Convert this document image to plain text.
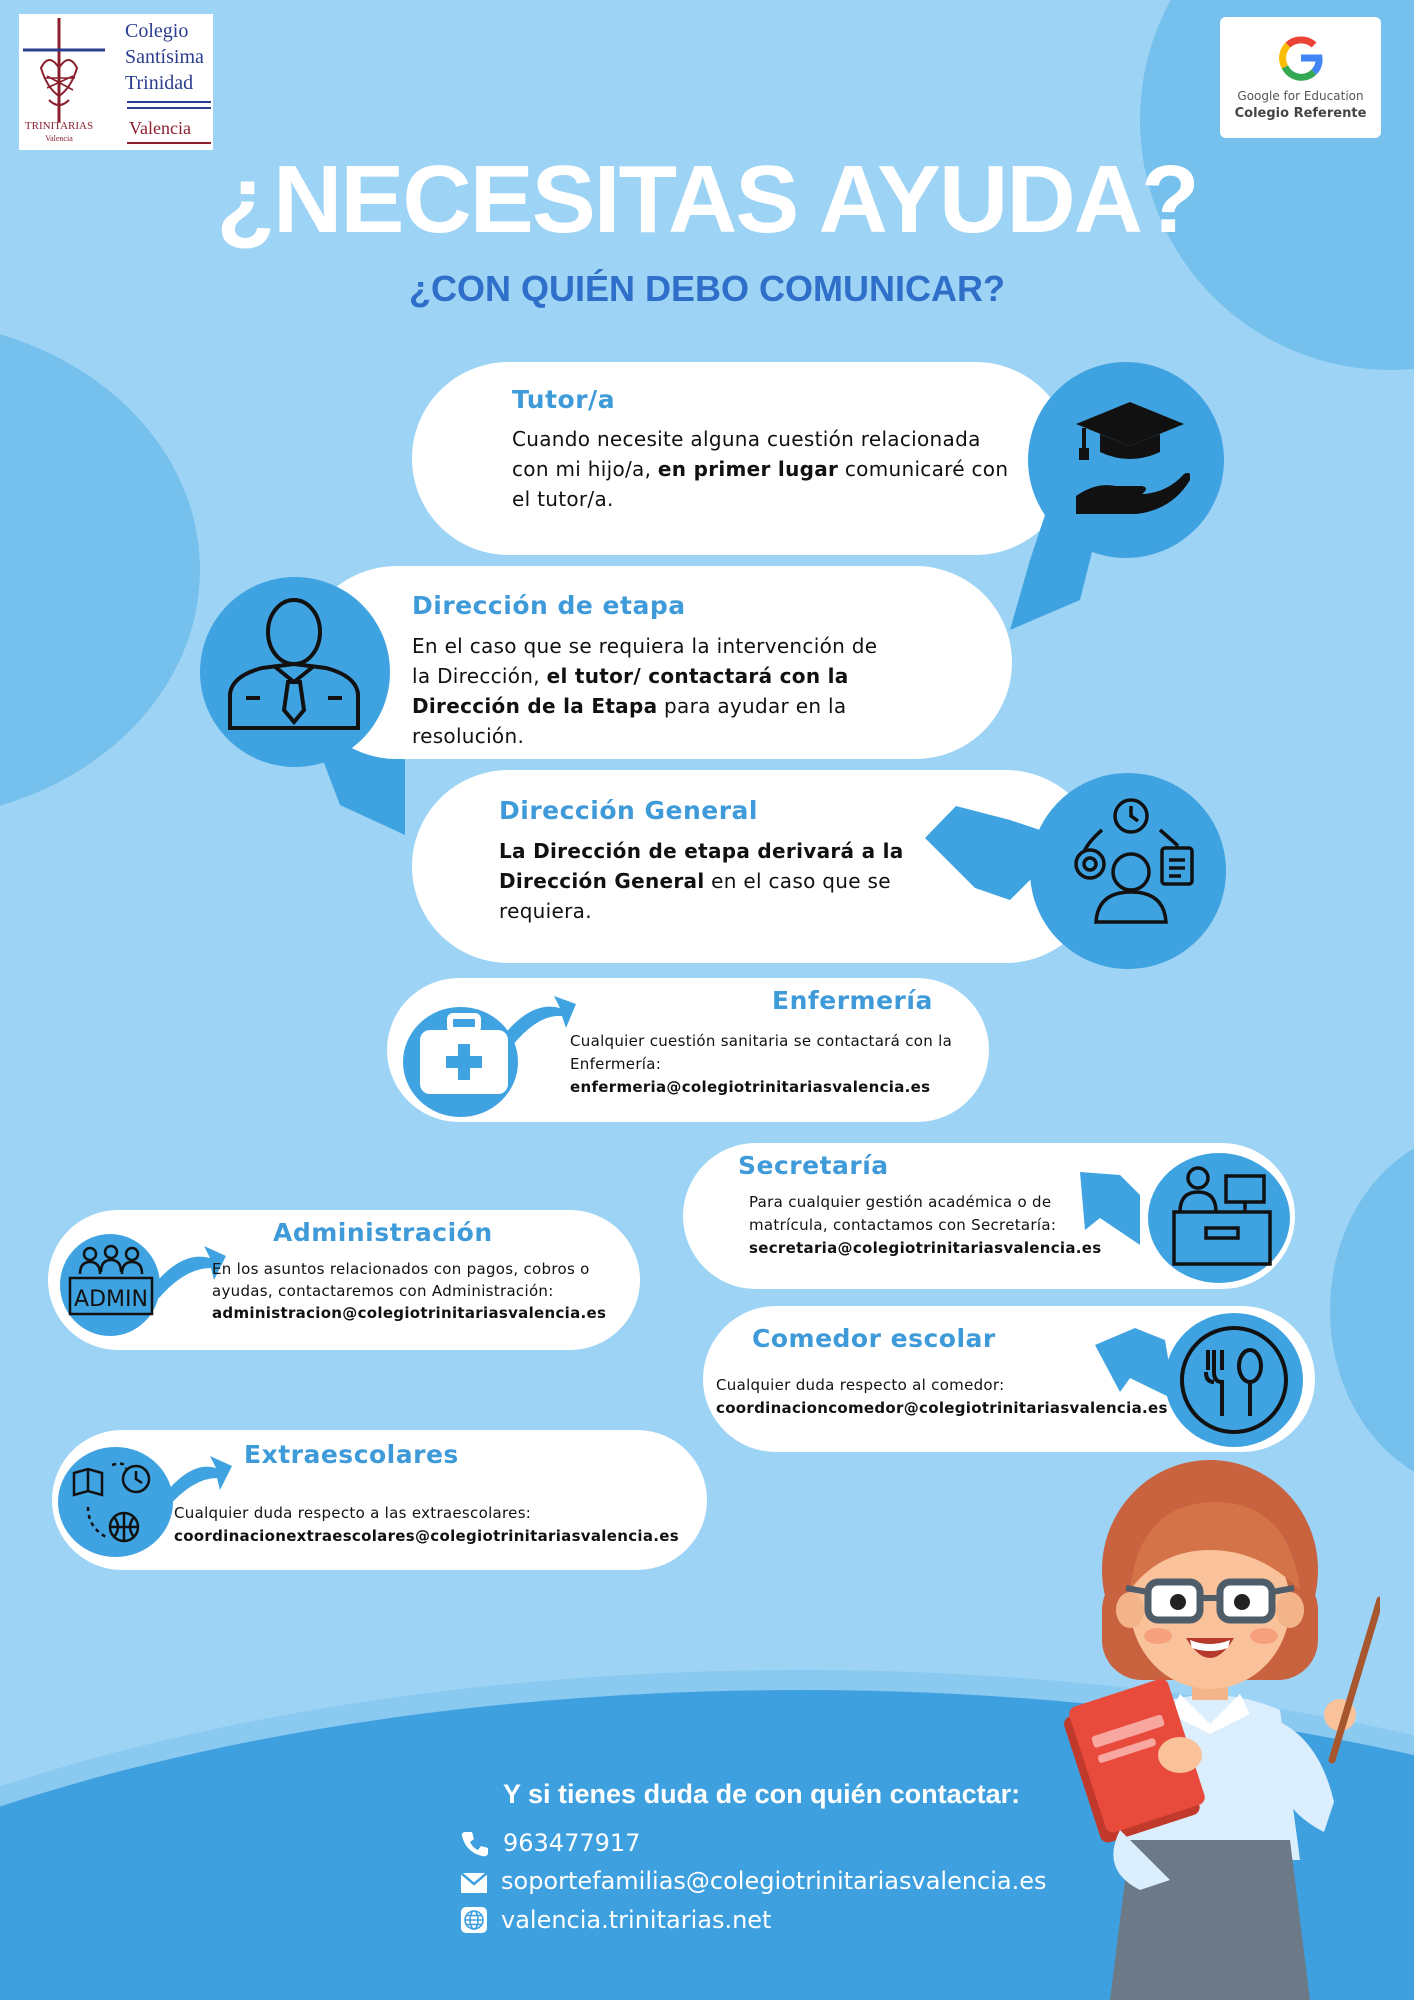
TRINITARIAS
Valencia
Colegio
Santísima
Trinidad
Valencia
Google for Education
Colegio Referente
¿NECESITAS AYUDA?
¿CON QUIÉN DEBO COMUNICAR?
Tutor/a
Cuando necesite alguna cuestión relacionada con mi hijo/a, en primer lugar comunicaré con el tutor/a.
Dirección de etapa
En el caso que se requiera la intervención de la Dirección, el tutor/ contactará con la Dirección de la Etapa para ayudar en la resolución.
Dirección General
La Dirección de etapa derivará a la Dirección General en el caso que se requiera.
Enfermería
Cualquier cuestión sanitaria se contactará con la Enfermería:
enfermeria@colegiotrinitariasvalencia.es
Secretaría
Para cualquier gestión académica o de matrícula, contactamos con Secretaría:
secretaria@colegiotrinitariasvalencia.es
ADMIN
Administración
En los asuntos relacionados con pagos, cobros o ayudas, contactaremos con Administración:
administracion@colegiotrinitariasvalencia.es
Comedor escolar
Cualquier duda respecto al comedor:
coordinacioncomedor@colegiotrinitariasvalencia.es
Extraescolares
Cualquier duda respecto a las extraescolares:
coordinacionextraescolares@colegiotrinitariasvalencia.es
Y si tienes duda de con quién contactar:
963477917
soportefamilias@colegiotrinitariasvalencia.es
valencia.trinitarias.net
